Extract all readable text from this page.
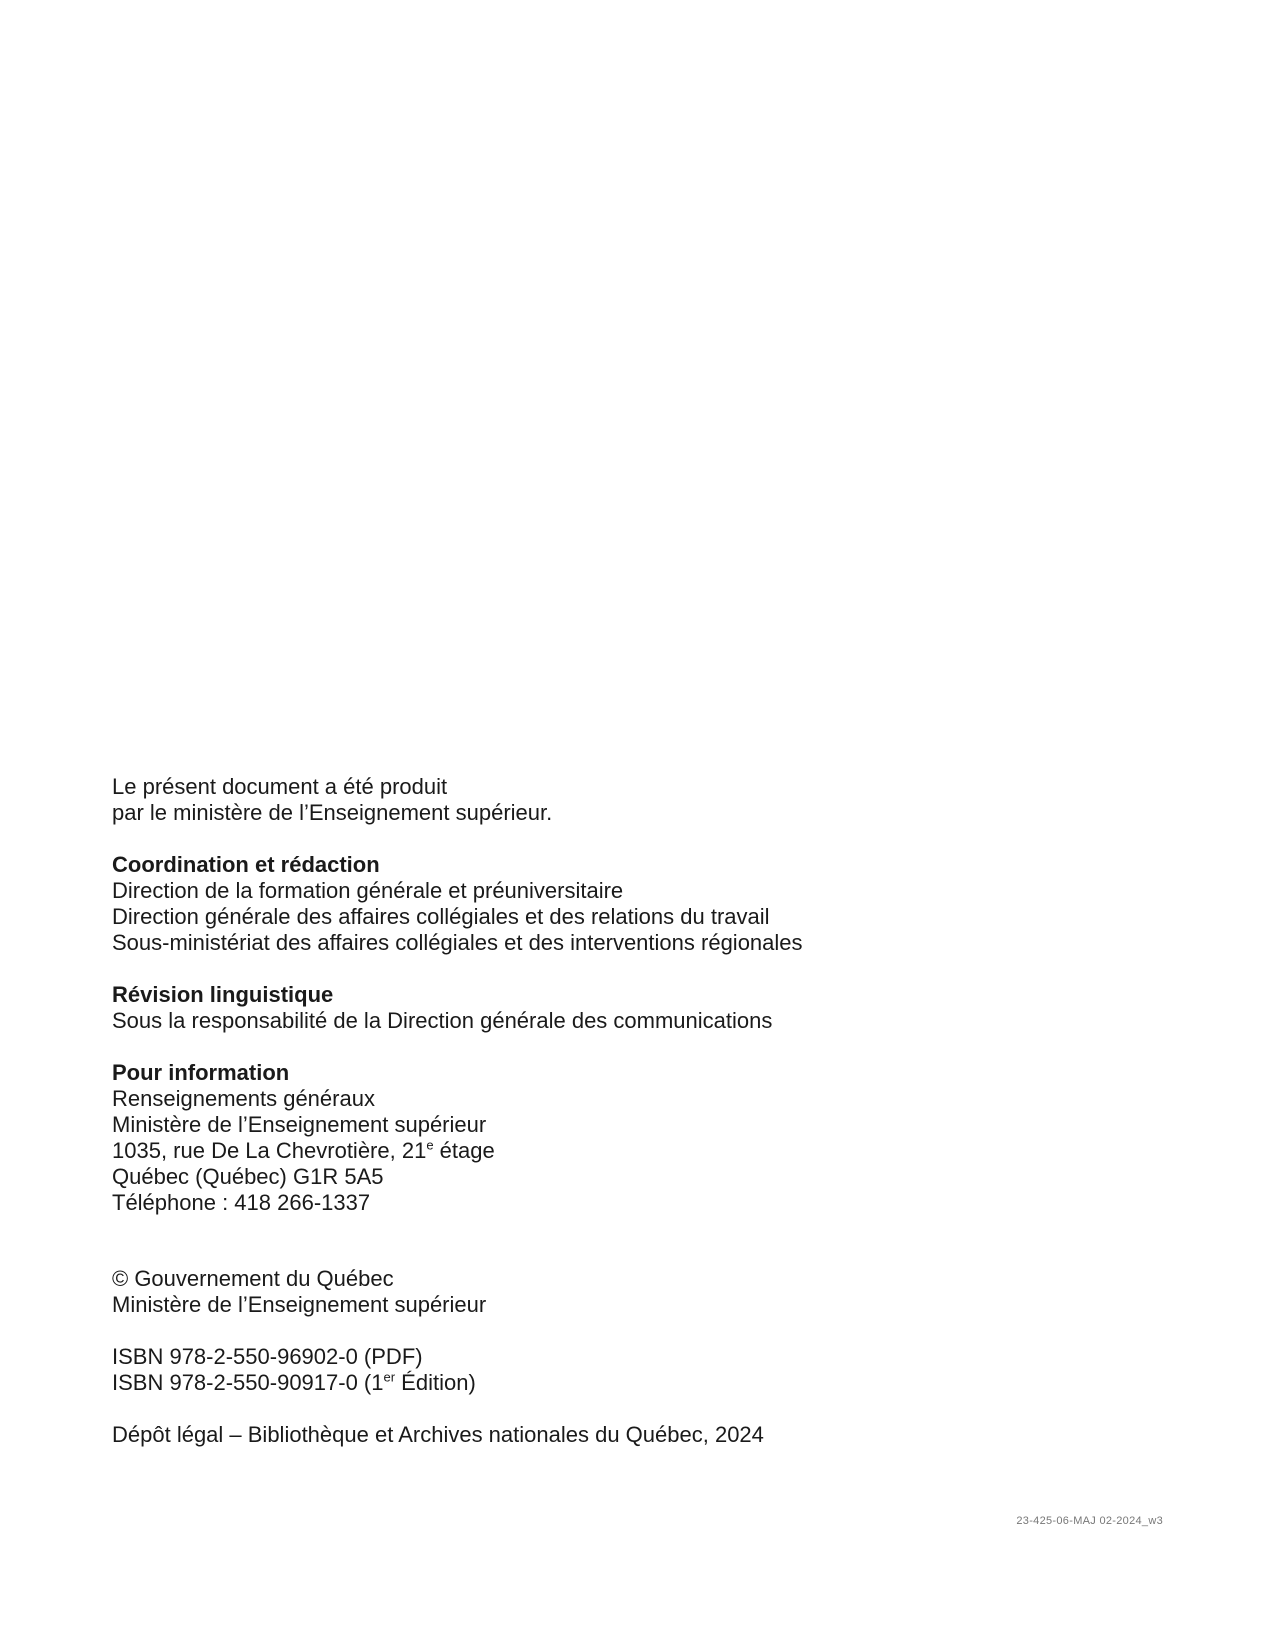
Le présent document a été produit
par le ministère de l’Enseignement supérieur.
Coordination et rédaction
Direction de la formation générale et préuniversitaire
Direction générale des affaires collégiales et des relations du travail
Sous-ministériat des affaires collégiales et des interventions régionales
Révision linguistique
Sous la responsabilité de la Direction générale des communications
Pour information
Renseignements généraux
Ministère de l’Enseignement supérieur
1035, rue De La Chevrotière, 21e étage
Québec (Québec) G1R 5A5
Téléphone : 418 266-1337
© Gouvernement du Québec
Ministère de l’Enseignement supérieur
ISBN 978-2-550-96902-0 (PDF)
ISBN 978-2-550-90917-0 (1er Édition)
Dépôt légal – Bibliothèque et Archives nationales du Québec, 2024
23-425-06-MAJ 02-2024_w3
